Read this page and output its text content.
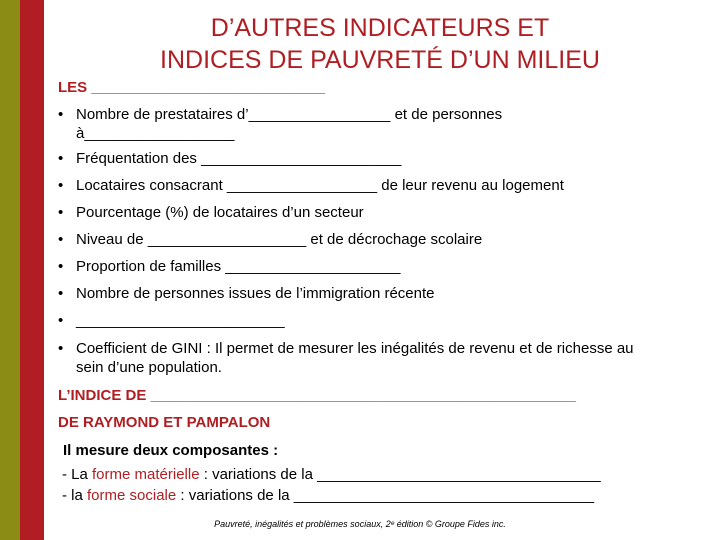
D’AUTRES INDICATEURS ET
INDICES DE PAUVRETÉ D’UN MILIEU
LES ____________________________
• Nombre de prestataires d’_________________ et de personnes
à__________________
• Fréquentation des ________________________
• Locataires consacrant __________________ de leur revenu au logement
• Pourcentage (%) de locataires d’un secteur
• Niveau de ___________________ et de décrochage scolaire
• Proportion de familles _____________________
• Nombre de personnes issues de l’immigration récente
• _________________________
• Coefficient de GINI : Il permet de mesurer les inégalités de revenu et de richesse au
sein d’une population.
L’INDICE DE ___________________________________________________
DE RAYMOND ET PAMPALON
Il mesure deux composantes :
- La forme matérielle : variations de la __________________________________
- la forme sociale : variations de la ____________________________________
Pauvreté, inégalités et problèmes sociaux, 2ᵉ édition © Groupe Fides inc.
